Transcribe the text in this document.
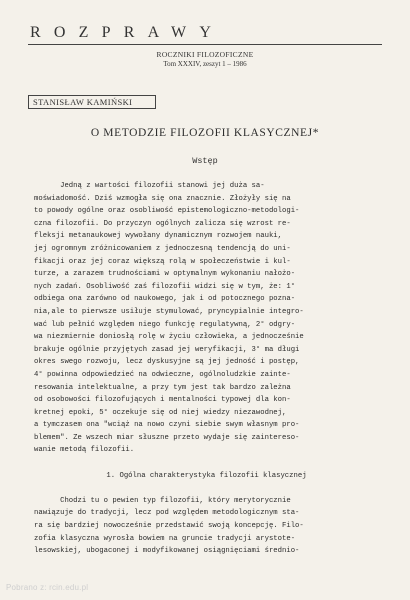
ROZPRAWY
ROCZNIKI FILOZOFICZNE
Tom XXXIV, zeszyt 1 – 1986
STANISŁAW KAMIŃSKI
O METODZIE FILOZOFII KLASYCZNEJ*
Wstęp
Jedną z wartości filozofii stanowi jej duża sa-
moświadomość. Dziś wzmogła się ona znacznie. Złożyły się na
to powody ogólne oraz osobliwość epistemologiczno-metodologi-
czna filozofii. Do przyczyn ogólnych zalicza się wzrost re-
fleksji metanaukowej wywołany dynamicznym rozwojem nauki,
jej ogromnym zróżnicowaniem z jednoczesną tendencją do uni-
fikacji oraz jej coraz większą rolą w społeczeństwie i kul-
turze, a zarazem trudnościami w optymalnym wykonaniu nałożo-
nych zadań. Osobliwość zaś filozofii widzi się w tym, że: 1°
odbiega ona zarówno od naukowego, jak i od potocznego pozna-
nia,ale to pierwsze usiłuje stymulować, pryncypialnie integro-
wać lub pełnić względem niego funkcję regulatywną, 2° odgry-
wa niezmiernie doniosłą rolę w życiu człowieka, a jednocześnie
brakuje ogólnie przyjętych zasad jej weryfikacji, 3° ma długi
okres swego rozwoju, lecz dyskusyjne są jej jedność i postęp,
4° powinna odpowiedzieć na odwieczne, ogólnoludzkie zainte-
resowania intelektualne, a przy tym jest tak bardzo zależna
od osobowości filozofujących i mentalności typowej dla kon-
kretnej epoki, 5° oczekuje się od niej wiedzy niezawodnej,
a tymczasem ona "wciąż na nowo czyni siebie swym własnym pro-
blemem". Ze wszech miar słuszne przeto wydaje się zaintereso-
wanie metodą filozofii.
1. Ogólna charakterystyka filozofii klasycznej
Chodzi tu o pewien typ filozofii, który merytorycznie
nawiązuje do tradycji, lecz pod względem metodologicznym sta-
ra się bardziej nowocześnie przedstawić swoją koncepcję. Filo-
zofia klasyczna wyrosła bowiem na gruncie tradycji arystote-
lesowskiej, ubogaconej i modyfikowanej osiągnięciami średnio-
Pobrano z: rcin.edu.pl
